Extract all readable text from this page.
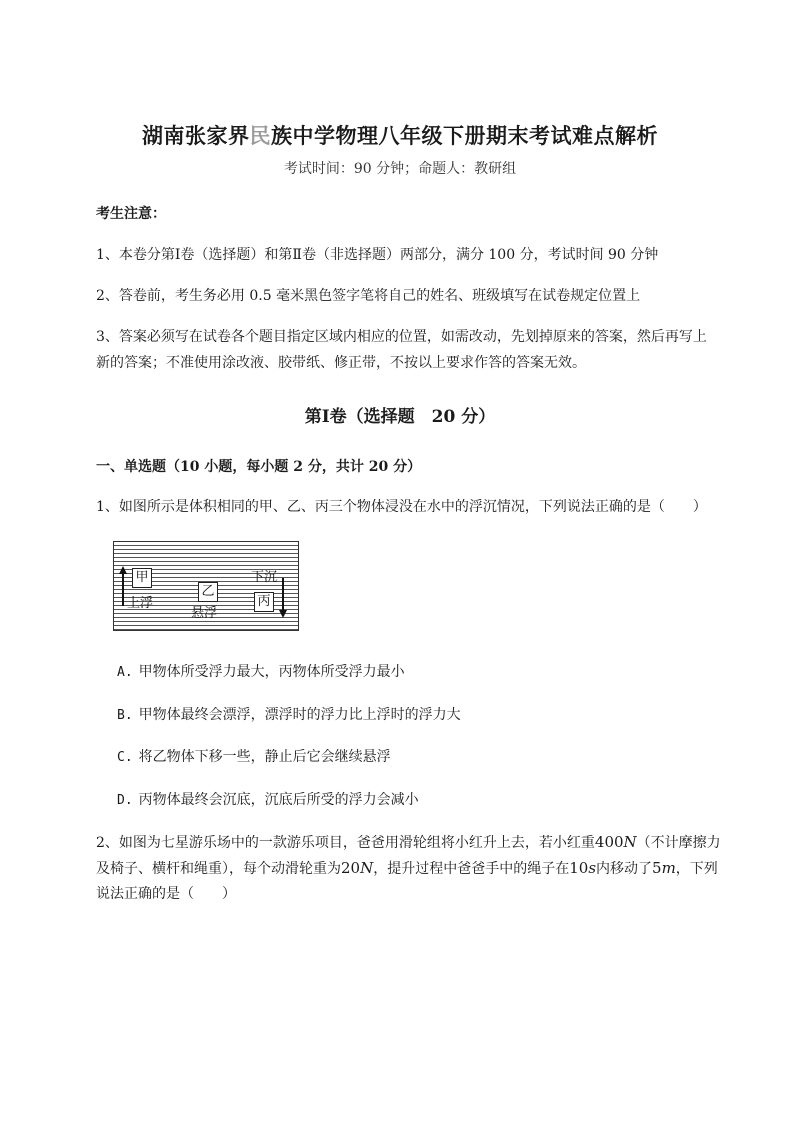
湖南张家界民族中学物理八年级下册期末考试难点解析
考试时间：90 分钟；命题人：教研组
考生注意：
1、本卷分第Ⅰ卷（选择题）和第Ⅱ卷（非选择题）两部分，满分 100 分，考试时间 90 分钟
2、答卷前，考生务必用 0.5 毫米黑色签字笔将自己的姓名、班级填写在试卷规定位置上
3、答案必须写在试卷各个题目指定区域内相应的位置，如需改动，先划掉原来的答案，然后再写上新的答案；不准使用涂改液、胶带纸、修正带，不按以上要求作答的答案无效。
第Ⅰ卷（选择题　20 分）
一、单选题（10 小题，每小题 2 分，共计 20 分）
1、如图所示是体积相同的甲、乙、丙三个物体浸没在水中的浮沉情况，下列说法正确的是（　　）
甲
上浮
乙
悬浮
下沉
丙
A. 甲物体所受浮力最大，丙物体所受浮力最小
B. 甲物体最终会漂浮，漂浮时的浮力比上浮时的浮力大
C. 将乙物体下移一些，静止后它会继续悬浮
D. 丙物体最终会沉底，沉底后所受的浮力会减小
2、如图为七星游乐场中的一款游乐项目，爸爸用滑轮组将小红升上去，若小红重400N（不计摩擦力
及椅子、横杆和绳重），每个动滑轮重为20N，提升过程中爸爸手中的绳子在10s内移动了5m，下列
说法正确的是（　　）
